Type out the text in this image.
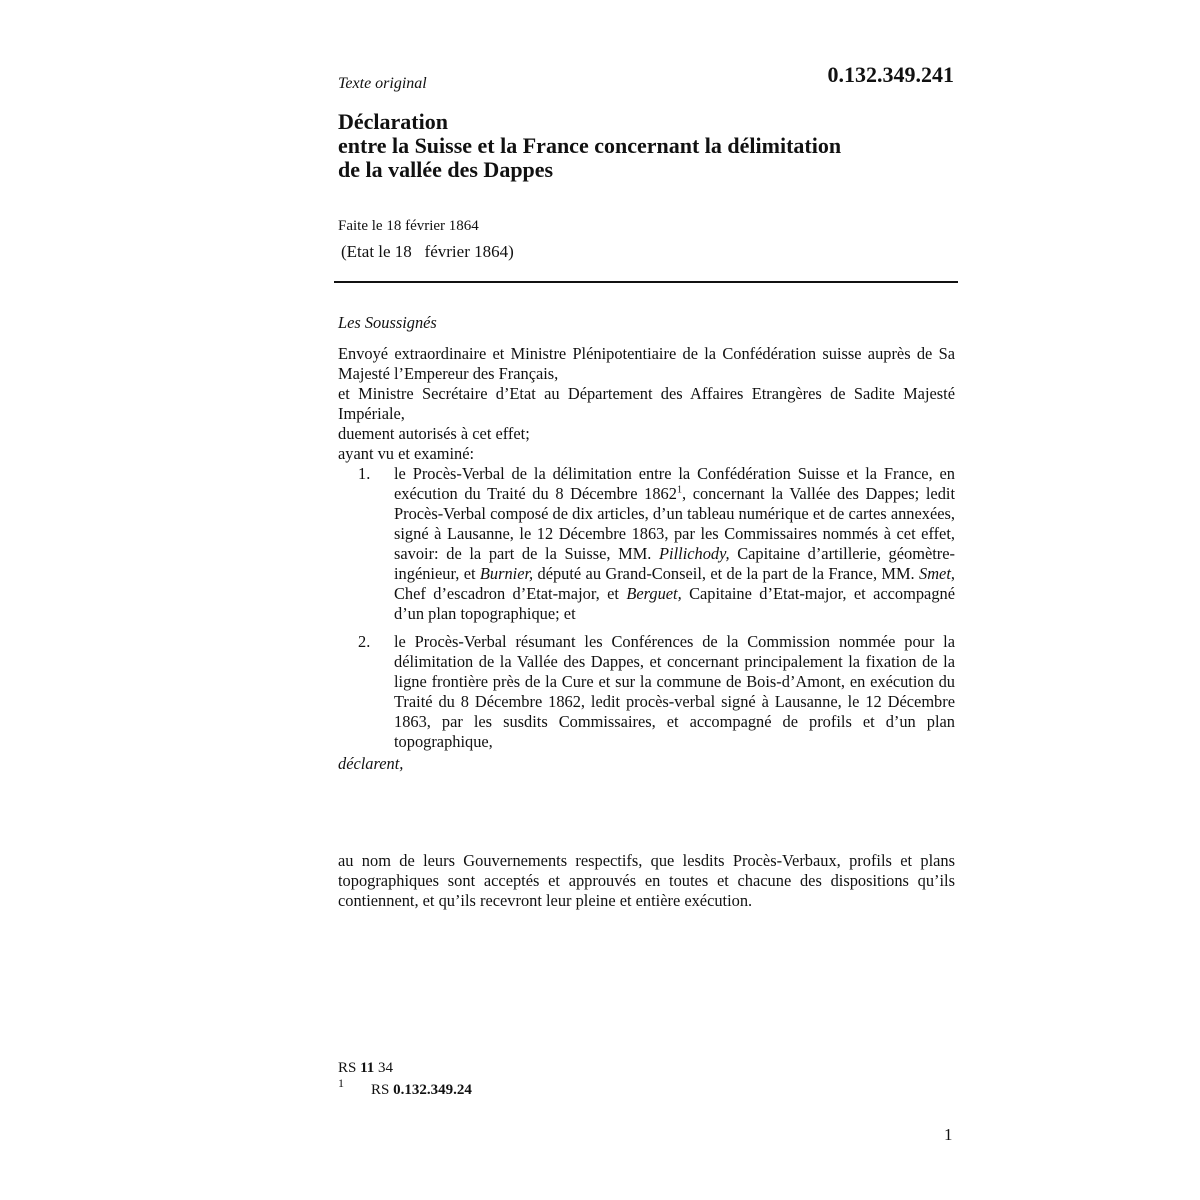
Texte original	0.132.349.241
Déclaration
entre la Suisse et la France concernant la délimitation
de la vallée des Dappes
Faite le 18 février 1864
(Etat le 18   février 1864)
Les Soussignés
Envoyé extraordinaire et Ministre Plénipotentiaire de la Confédération suisse auprès de Sa Majesté l’Empereur des Français,
et Ministre Secrétaire d’Etat au Département des Affaires Etrangères de Sadite Majesté Impériale,
duement autorisés à cet effet;
ayant vu et examiné:
1.	le Procès-Verbal de la délimitation entre la Confédération Suisse et la France, en exécution du Traité du 8 Décembre 1862$^1$, concernant la Vallée des Dappes; ledit Procès-Verbal composé de dix articles, d’un tableau numérique et de cartes annexées, signé à Lausanne, le 12 Décembre 1863, par les Commissaires nommés à cet effet, savoir: de la part de la Suisse, MM. Pillichody, Capitaine d’artillerie, géomètre-ingénieur, et Burnier, député au Grand-Conseil, et de la part de la France, MM. Smet, Chef d’escadron d’Etat-major, et Berguet, Capitaine d’Etat-major, et accompagné d’un plan topographique; et
2.	le Procès-Verbal résumant les Conférences de la Commission nommée pour la délimitation de la Vallée des Dappes, et concernant principalement la fixation de la ligne frontière près de la Cure et sur la commune de Bois-d’Amont, en exécution du Traité du 8 Décembre 1862, ledit procès-verbal signé à Lausanne, le 12 Décembre 1863, par les susdits Commissaires, et accompagné de profils et d’un plan topographique,
déclarent,
au nom de leurs Gouvernements respectifs, que lesdits Procès-Verbaux, profils et plans topographiques sont acceptés et approuvés en toutes et chacune des dispositions qu’ils contiennent, et qu’ils recevront leur pleine et entière exécution.
RS 11 34
1 RS 0.132.349.24
1
